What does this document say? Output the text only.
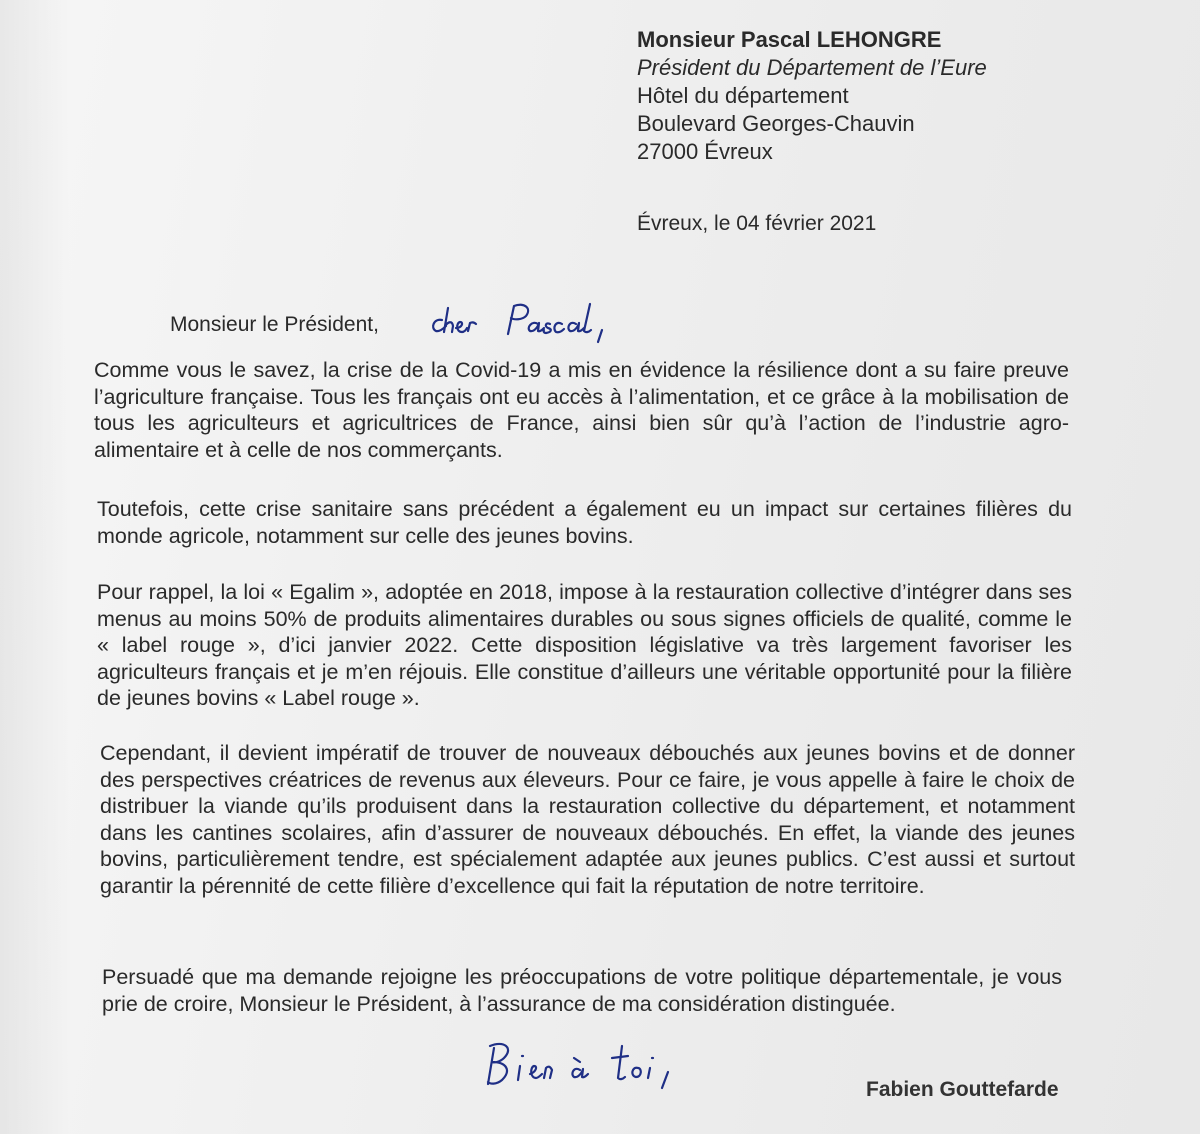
Monsieur Pascal LEHONGRE
Président du Département de l’Eure
Hôtel du département
Boulevard Georges-Chauvin
27000 Évreux
Évreux, le 04 février 2021
Monsieur le Président,
Comme vous le savez, la crise de la Covid-19 a mis en évidence la résilience dont a su faire preuve l’agriculture française. Tous les français ont eu accès à l’alimentation, et ce grâce à la mobilisation de tous les agriculteurs et agricultrices de France, ainsi bien sûr qu’à l’action de l’industrie agro-alimentaire et à celle de nos commerçants.
Toutefois, cette crise sanitaire sans précédent a également eu un impact sur certaines filières du monde agricole, notamment sur celle des jeunes bovins.
Pour rappel, la loi « Egalim », adoptée en 2018, impose à la restauration collective d’intégrer dans ses menus au moins 50% de produits alimentaires durables ou sous signes officiels de qualité, comme le « label rouge », d’ici janvier 2022. Cette disposition législative va très largement favoriser les agriculteurs français et je m’en réjouis. Elle constitue d’ailleurs une véritable opportunité pour la filière de jeunes bovins « Label rouge ».
Cependant, il devient impératif de trouver de nouveaux débouchés aux jeunes bovins et de donner des perspectives créatrices de revenus aux éleveurs. Pour ce faire, je vous appelle à faire le choix de distribuer la viande qu’ils produisent dans la restauration collective du département, et notamment dans les cantines scolaires, afin d’assurer de nouveaux débouchés. En effet, la viande des jeunes bovins, particulièrement tendre, est spécialement adaptée aux jeunes publics. C’est aussi et surtout garantir la pérennité de cette filière d’excellence qui fait la réputation de notre territoire.
Persuadé que ma demande rejoigne les préoccupations de votre politique départementale, je vous prie de croire, Monsieur le Président, à l’assurance de ma considération distinguée.
Fabien Gouttefarde
